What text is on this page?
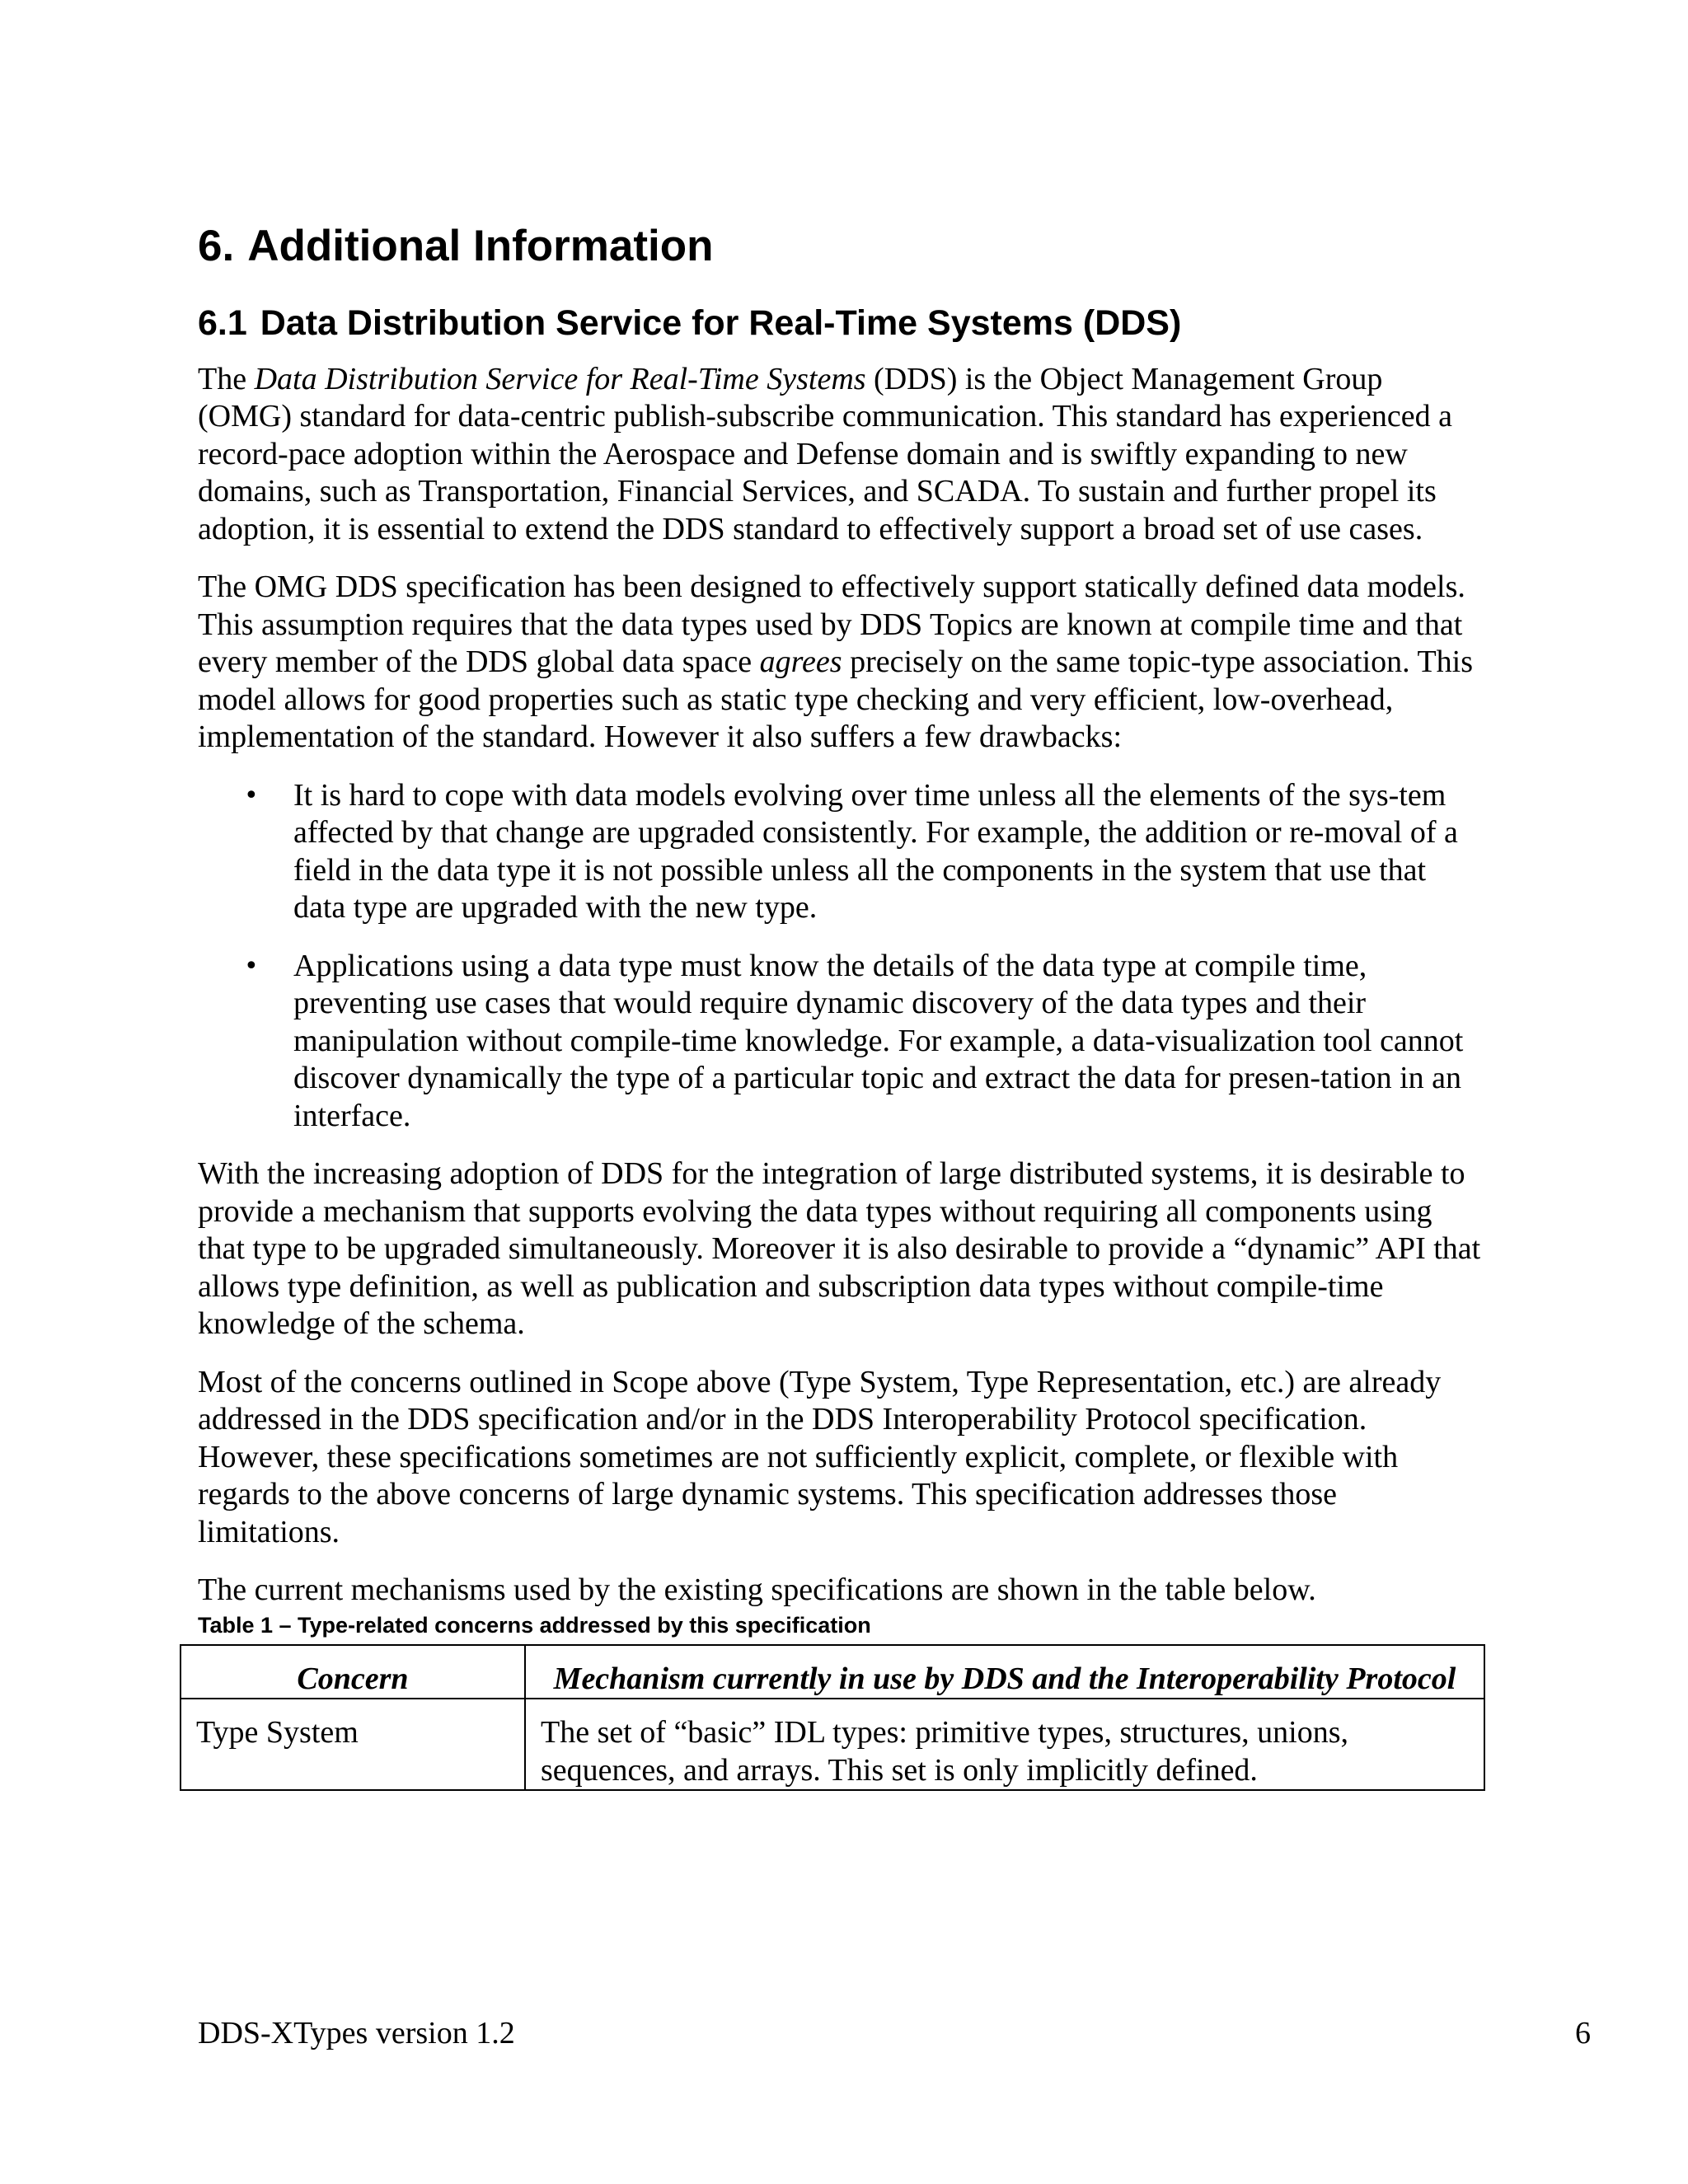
6. Additional Information
6.1 Data Distribution Service for Real-Time Systems (DDS)

The Data Distribution Service for Real-Time Systems (DDS) is the Object Management Group (OMG) standard for data-centric publish-subscribe communication. This standard has experienced a record-pace adoption within the Aerospace and Defense domain and is swiftly expanding to new domains, such as Transportation, Financial Services, and SCADA. To sustain and further propel its adoption, it is essential to extend the DDS standard to effectively support a broad set of use cases.

The OMG DDS specification has been designed to effectively support statically defined data models. This assumption requires that the data types used by DDS Topics are known at compile time and that every member of the DDS global data space agrees precisely on the same topic-type association. This model allows for good properties such as static type checking and very efficient, low-overhead, implementation of the standard. However it also suffers a few drawbacks:

• It is hard to cope with data models evolving over time unless all the elements of the sys-tem affected by that change are upgraded consistently. For example, the addition or re-moval of a field in the data type it is not possible unless all the components in the system that use that data type are upgraded with the new type.
• Applications using a data type must know the details of the data type at compile time, preventing use cases that would require dynamic discovery of the data types and their manipulation without compile-time knowledge. For example, a data-visualization tool cannot discover dynamically the type of a particular topic and extract the data for presen-tation in an interface.

With the increasing adoption of DDS for the integration of large distributed systems, it is desirable to provide a mechanism that supports evolving the data types without requiring all components using that type to be upgraded simultaneously. Moreover it is also desirable to provide a “dynamic” API that allows type definition, as well as publication and subscription data types without compile-time knowledge of the schema.

Most of the concerns outlined in Scope above (Type System, Type Representation, etc.) are already addressed in the DDS specification and/or in the DDS Interoperability Protocol specification. However, these specifications sometimes are not sufficiently explicit, complete, or flexible with regards to the above concerns of large dynamic systems. This specification addresses those limitations.

The current mechanisms used by the existing specifications are shown in the table below.

Table 1 – Type-related concerns addressed by this specification
Concern	Mechanism currently in use by DDS and the Interoperability Protocol
Type System	The set of “basic” IDL types: primitive types, structures, unions, sequences, and arrays. This set is only implicitly defined.
DDS-XTypes version 1.2	6
